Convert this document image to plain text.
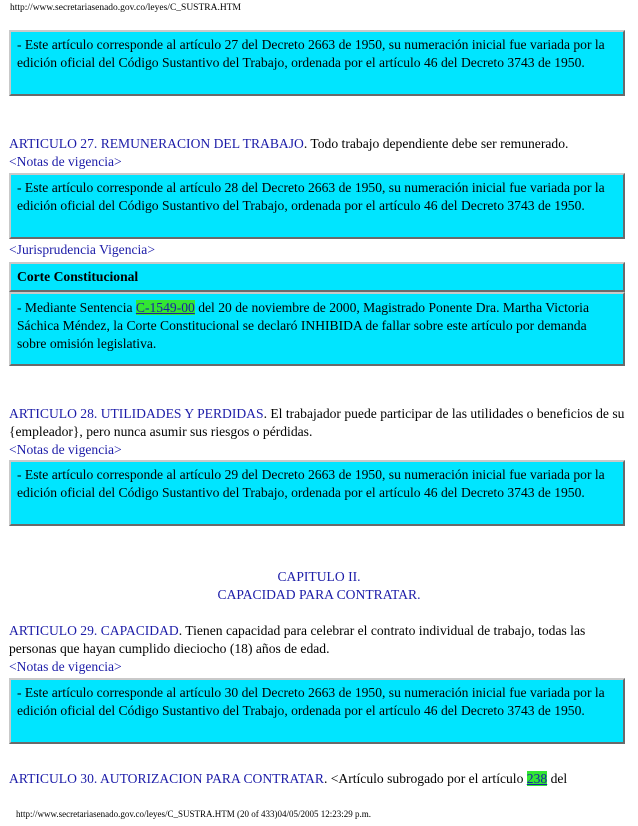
http://www.secretariasenado.gov.co/leyes/C_SUSTRA.HTM
- Este artículo corresponde al artículo 27 del Decreto 2663 de 1950, su numeración inicial fue variada por la edición oficial del Código Sustantivo del Trabajo, ordenada por el artículo 46 del Decreto 3743 de 1950.
ARTICULO 27. REMUNERACION DEL TRABAJO. Todo trabajo dependiente debe ser remunerado.
<Notas de vigencia>
- Este artículo corresponde al artículo 28 del Decreto 2663 de 1950, su numeración inicial fue variada por la edición oficial del Código Sustantivo del Trabajo, ordenada por el artículo 46 del Decreto 3743 de 1950.
<Jurisprudencia Vigencia>
Corte Constitucional
- Mediante Sentencia C-1549-00 del 20 de noviembre de 2000, Magistrado Ponente Dra. Martha Victoria Sáchica Méndez, la Corte Constitucional se declaró INHIBIDA de fallar sobre este artículo por demanda sobre omisión legislativa.
ARTICULO 28. UTILIDADES Y PERDIDAS. El trabajador puede participar de las utilidades o beneficios de su {empleador}, pero nunca asumir sus riesgos o pérdidas.
<Notas de vigencia>
- Este artículo corresponde al artículo 29 del Decreto 2663 de 1950, su numeración inicial fue variada por la edición oficial del Código Sustantivo del Trabajo, ordenada por el artículo 46 del Decreto 3743 de 1950.
CAPITULO II.
CAPACIDAD PARA CONTRATAR.
ARTICULO 29. CAPACIDAD. Tienen capacidad para celebrar el contrato individual de trabajo, todas las personas que hayan cumplido dieciocho (18) años de edad.
<Notas de vigencia>
- Este artículo corresponde al artículo 30 del Decreto 2663 de 1950, su numeración inicial fue variada por la edición oficial del Código Sustantivo del Trabajo, ordenada por el artículo 46 del Decreto 3743 de 1950.
ARTICULO 30. AUTORIZACION PARA CONTRATAR. <Artículo subrogado por el artículo 238 del
http://www.secretariasenado.gov.co/leyes/C_SUSTRA.HTM (20 of 433)04/05/2005 12:23:29 p.m.
